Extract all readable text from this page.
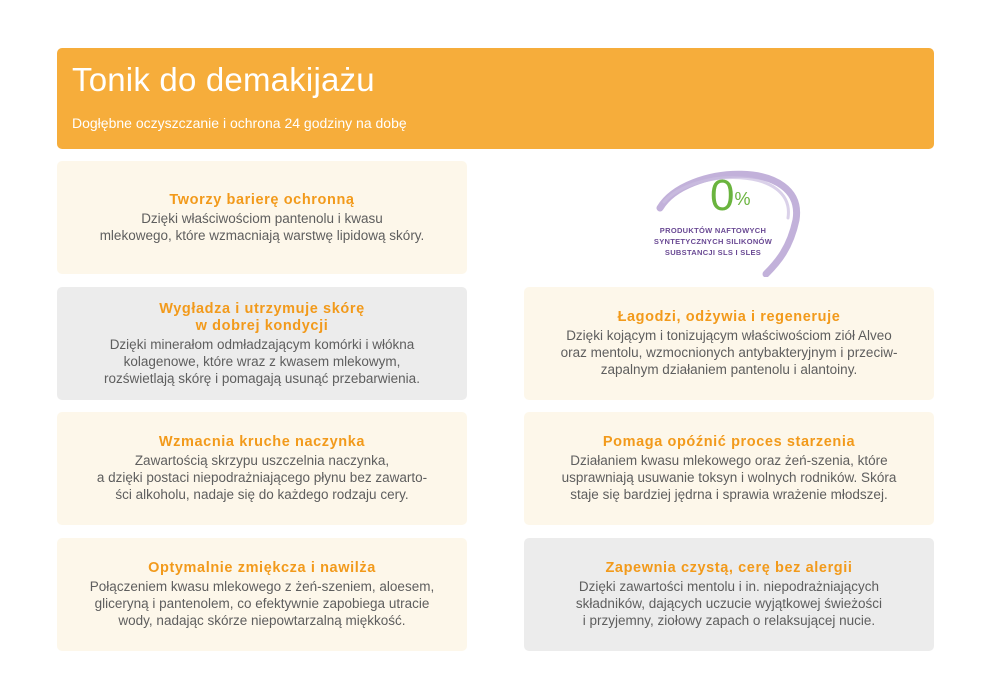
Tonik do demakijażu

Dogłębne oczyszczanie i ochrona 24 godziny na dobę

Tworzy barierę ochronną
Dzięki właściwościom pantenolu i kwasu
mlekowego, które wzmacniają warstwę lipidową skóry.
Wygładza i utrzymuje skórę
w dobrej kondycji
Dzięki minerałom odmładzającym komórki i włókna
kolagenowe, które wraz z kwasem mlekowym,
rozświetlają skórę i pomagają usunąć przebarwienia.
Wzmacnia kruche naczynka
Zawartością skrzypu uszczelnia naczynka,
a dzięki postaci niepodrażniającego płynu bez zawarto-
ści alkoholu, nadaje się do każdego rodzaju cery.
Optymalnie zmiękcza i nawilża
Połączeniem kwasu mlekowego z żeń-szeniem, aloesem,
gliceryną i pantenolem, co efektywnie zapobiega utracie
wody, nadając skórze niepowtarzalną miękkość.
0%
PRODUKTÓW NAFTOWYCH
SYNTETYCZNYCH SILIKONÓW
SUBSTANCJI SLS I SLES
Łagodzi, odżywia i regeneruje
Dzięki kojącym i tonizującym właściwościom ziół Alveo
oraz mentolu, wzmocnionych antybakteryjnym i przeciw-
zapalnym działaniem pantenolu i alantoiny.
Pomaga opóźnić proces starzenia
Działaniem kwasu mlekowego oraz żeń-szenia, które
usprawniają usuwanie toksyn i wolnych rodników. Skóra
staje się bardziej jędrna i sprawia wrażenie młodszej.
Zapewnia czystą, cerę bez alergii
Dzięki zawartości mentolu i in. niepodrażniających
składników, dających uczucie wyjątkowej świeżości
i przyjemny, ziołowy zapach o relaksującej nucie.
